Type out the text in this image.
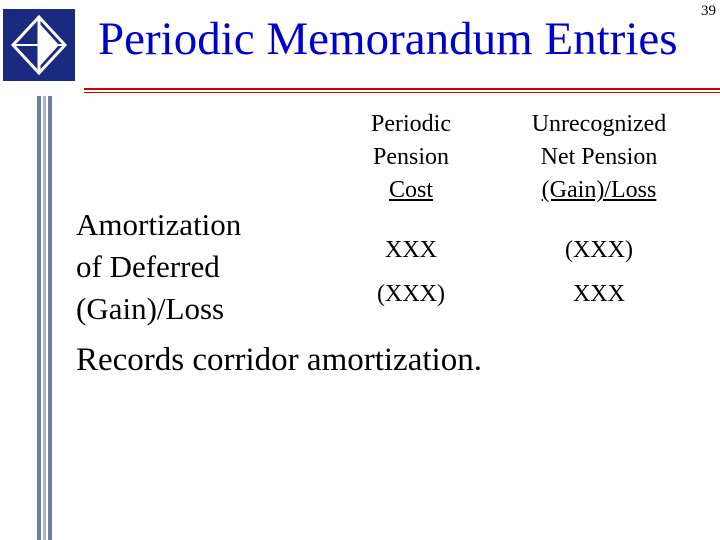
Periodic Memorandum Entries
39
Periodic
Pension
Cost
Unrecognized
Net Pension
(Gain)/Loss
Amortization
of Deferred
(Gain)/Loss
XXX
(XXX)
(XXX)
XXX
Records corridor amortization.
